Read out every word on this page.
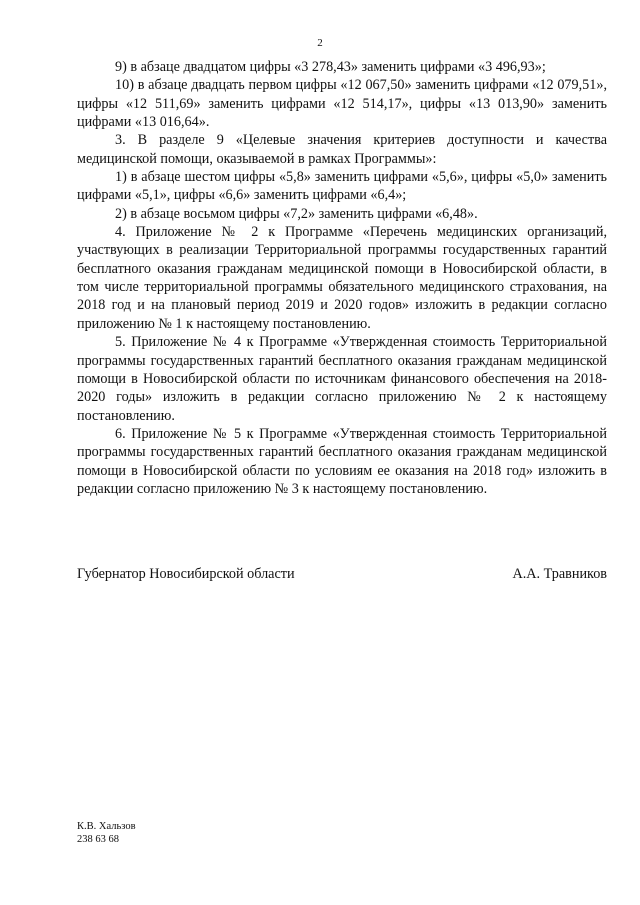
2

9) в абзаце двадцатом цифры «3 278,43» заменить цифрами «3 496,93»;

10) в абзаце двадцать первом цифры «12 067,50» заменить цифрами «12 079,51», цифры «12 511,69» заменить цифрами «12 514,17», цифры «13 013,90» заменить цифрами «13 016,64».

3. В разделе 9 «Целевые значения критериев доступности и качества медицинской помощи, оказываемой в рамках Программы»:

1) в абзаце шестом цифры «5,8» заменить цифрами «5,6», цифры «5,0» заменить цифрами «5,1», цифры «6,6» заменить цифрами «6,4»;

2) в абзаце восьмом цифры «7,2» заменить цифрами «6,48».

4. Приложение № 2 к Программе «Перечень медицинских организаций, участвующих в реализации Территориальной программы государственных гарантий бесплатного оказания гражданам медицинской помощи в Новосибирской области, в том числе территориальной программы обязательного медицинского страхования, на 2018 год и на плановый период 2019 и 2020 годов» изложить в редакции согласно приложению № 1 к настоящему постановлению.

5. Приложение № 4 к Программе «Утвержденная стоимость Территориальной программы государственных гарантий бесплатного оказания гражданам медицинской помощи в Новосибирской области по источникам финансового обеспечения на 2018-2020 годы» изложить в редакции согласно приложению № 2 к настоящему постановлению.

6. Приложение № 5 к Программе «Утвержденная стоимость Территориальной программы государственных гарантий бесплатного оказания гражданам медицинской помощи в Новосибирской области по условиям ее оказания на 2018 год» изложить в редакции согласно приложению № 3 к настоящему постановлению.

Губернатор Новосибирской области	А.А. Травников
К.В. Хальзов
238 63 68
